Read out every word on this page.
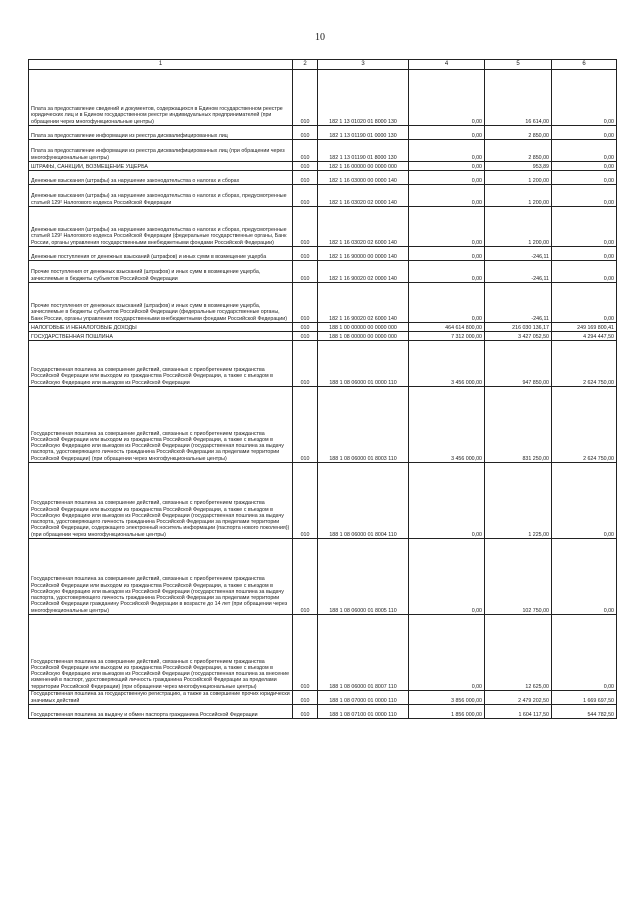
10
1	2	3	4	5	6
Плата за предоставление сведений и документов, содержащихся в Едином государственном реестре юридических лиц и в Едином государственном реестре индивидуальных предпринимателей (при обращении через многофункциональные центры)	010	182 1 13 01020 01 8000 130	0,00	16 614,00	0,00
Плата за предоставление информации из реестра дисквалифицированных лиц	010	182 1 13 01190 01 0000 130	0,00	2 850,00	0,00
Плата за предоставление информации из реестра дисквалифицированных лиц (при обращении через многофункциональные центры)	010	182 1 13 01190 01 8000 130	0,00	2 850,00	0,00
ШТРАФЫ, САНКЦИИ, ВОЗМЕЩЕНИЕ УЩЕРБА	010	182 1 16 00000 00 0000 000	0,00	953,89	0,00
Денежные взыскания (штрафы) за нарушение законодательства о налогах и сборах	010	182 1 16 03000 00 0000 140	0,00	1 200,00	0,00
Денежные взыскания (штрафы) за нарушение законодательства о налогах и сборах, предусмотренные статьей 129² Налогового кодекса Российской Федерации	010	182 1 16 03020 02 0000 140	0,00	1 200,00	0,00
Денежные взыскания (штрафы) за нарушение законодательства о налогах и сборах, предусмотренные статьей 129² Налогового кодекса Российской Федерации (федеральные государственные органы, Банк России, органы управления государственными внебюджетными фондами Российской Федерации)	010	182 1 16 03020 02 6000 140	0,00	1 200,00	0,00
Денежные поступления от денежных взысканий (штрафов) и иных сумм в возмещение ущерба	010	182 1 16 90000 00 0000 140	0,00	-246,11	0,00
Прочие поступления от денежных взысканий (штрафов) и иных сумм в возмещение ущерба, зачисляемые в бюджеты субъектов Российской Федерации	010	182 1 16 90020 02 0000 140	0,00	-246,11	0,00
Прочие поступления от денежных взысканий (штрафов) и иных сумм в возмещение ущерба, зачисляемые в бюджеты субъектов Российской Федерации (федеральные государственные органы, Банк России, органы управления государственными внебюджетными фондами Российской Федерации)	010	182 1 16 90020 02 6000 140	0,00	-246,11	0,00
НАЛОГОВЫЕ И НЕНАЛОГОВЫЕ ДОХОДЫ	010	188 1 00 00000 00 0000 000	464 614 800,00	216 030 136,17	249 169 800,41
ГОСУДАРСТВЕННАЯ ПОШЛИНА	010	188 1 08 00000 00 0000 000	7 312 000,00	3 427 052,50	4 294 447,50
Государственная пошлина за совершение действий, связанных с приобретением гражданства Российской Федерации или выходом из гражданства Российской Федерации, а также с въездом в Российскую Федерацию или выездом из Российской Федерации	010	188 1 08 06000 01 0000 110	3 456 000,00	947 850,00	2 624 750,00
Государственная пошлина за совершение действий, связанных с приобретением гражданства Российской Федерации или выходом из гражданства Российской Федерации, а также с въездом в Российскую Федерацию или выездом из Российской Федерации (государственная пошлина за выдачу паспорта, удостоверяющего личность гражданина Российской Федерации за пределами территории Российской Федерации) (при обращении через многофункциональные центры)	010	188 1 08 06000 01 8003 110	3 456 000,00	831 250,00	2 624 750,00
Государственная пошлина за совершение действий, связанных с приобретением гражданства Российской Федерации или выходом из гражданства Российской Федерации, а также с въездом в Российскую Федерацию или выездом из Российской Федерации (государственная пошлина за выдачу паспорта, удостоверяющего личность гражданина Российской Федерации за пределами территории Российской Федерации, содержащего электронный носитель информации (паспорта нового поколения)) (при обращении через многофункциональные центры)	010	188 1 08 06000 01 8004 110	0,00	1 225,00	0,00
Государственная пошлина за совершение действий, связанных с приобретением гражданства Российской Федерации или выходом из гражданства Российской Федерации, а также с въездом в Российскую Федерацию или выездом из Российской Федерации (государственная пошлина за выдачу паспорта, удостоверяющего личность гражданина Российской Федерации за пределами территории Российской Федерации гражданину Российской Федерации в возрасте до 14 лет (при обращении через многофункциональные центры)	010	188 1 08 06000 01 8005 110	0,00	102 750,00	0,00
Государственная пошлина за совершение действий, связанных с приобретением гражданства Российской Федерации или выходом из гражданства Российской Федерации, а также с въездом в Российскую Федерацию или выездом из Российской Федерации (государственная пошлина за внесение изменений в паспорт, удостоверяющий личность гражданина Российской Федерации за пределами территории Российской Федерации) (при обращении через многофункциональные центры)	010	188 1 08 06000 01 8007 110	0,00	12 625,00	0,00
Государственная пошлина за государственную регистрацию, а также за совершение прочих юридически значимых действий	010	188 1 08 07000 01 0000 110	3 856 000,00	2 479 202,50	1 669 697,50
Государственная пошлина за выдачу и обмен паспорта гражданина Российской Федерации	010	188 1 08 07100 01 0000 110	1 856 000,00	1 604 117,50	544 782,50
